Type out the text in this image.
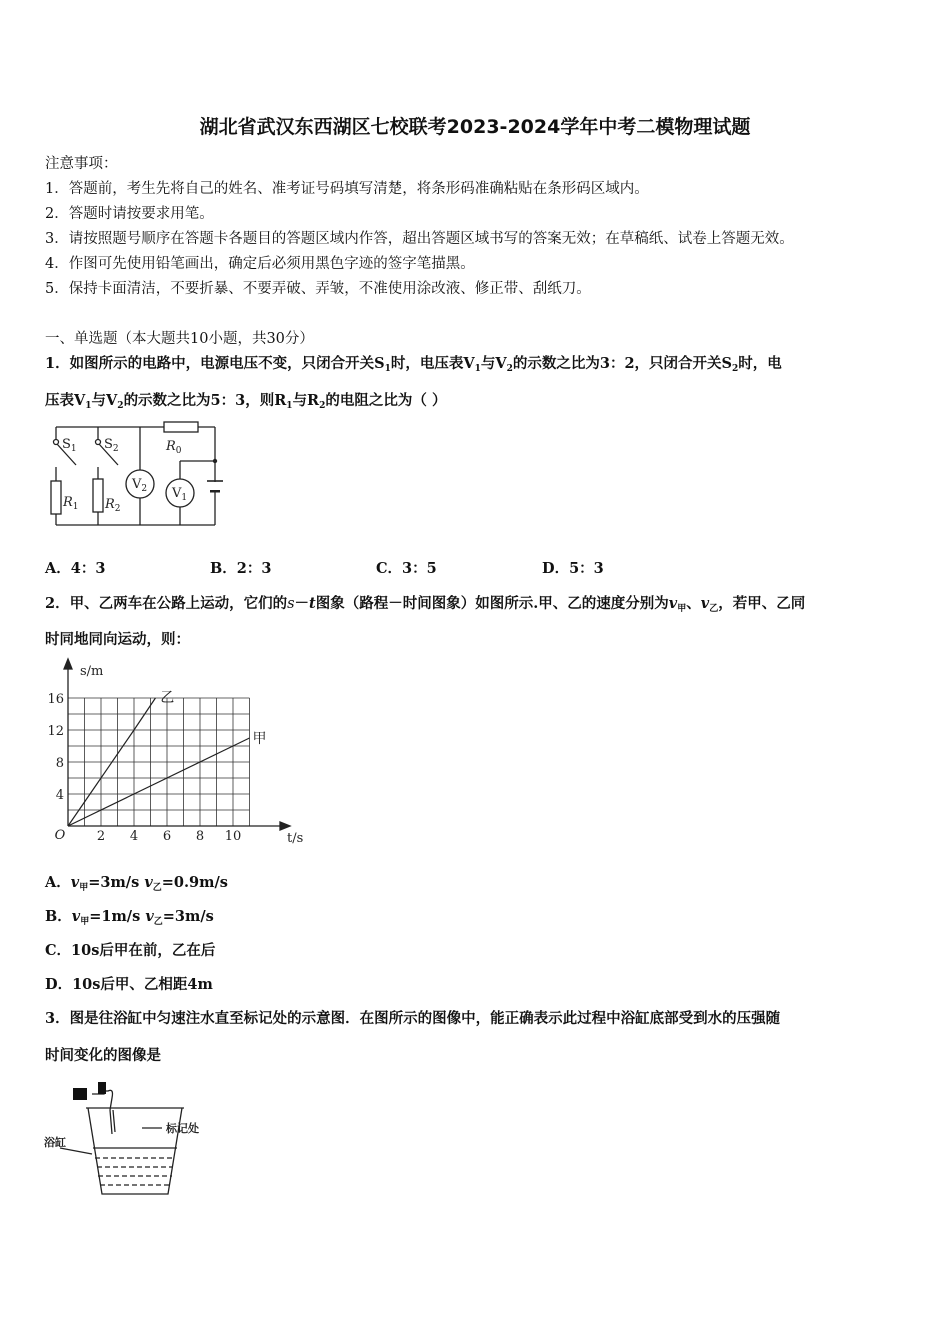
湖北省武汉东西湖区七校联考2023-2024学年中考二模物理试题
注意事项：
1．答题前，考生先将自己的姓名、准考证号码填写清楚，将条形码准确粘贴在条形码区域内。
2．答题时请按要求用笔。
3．请按照题号顺序在答题卡各题目的答题区域内作答，超出答题区域书写的答案无效；在草稿纸、试卷上答题无效。
4．作图可先使用铅笔画出，确定后必须用黑色字迹的签字笔描黑。
5．保持卡面清洁，不要折暴、不要弄破、弄皱，不准使用涂改液、修正带、刮纸刀。
一、单选题（本大题共10小题，共30分）
1．如图所示的电路中，电源电压不变，只闭合开关$S_1$时，电压表$V_1$与$V_2$的示数之比为3：2，只闭合开关$S_2$时，电
压表$V_1$与$V_2$的示数之比为5：3，则$R_1$与$R_2$的电阻之比为（ ）
$S_1$ $S_2$	$R_0$
$R_1$ $R_2$
$V_2$ $V_1$
A．4：3	B．2：3	C．3：5	D．5：3
2．甲、乙两车在公路上运动，它们的s－t图象（路程－时间图象）如图所示.甲、乙的速度分别为$v_甲$、$v_乙$，若甲、乙同
时同地同向运动，则：
4
8
12
16
2 4 6 8 10
O
s/m
t/s
乙
甲
A．$v_甲=3m/s$ $v_乙=0.9m/s$
B．$v_甲=1m/s$ $v_乙=3m/s$
C．10s后甲在前，乙在后
D．10s后甲、乙相距4m
3．图是往浴缸中匀速注水直至标记处的示意图．在图所示的图像中，能正确表示此过程中浴缸底部受到水的压强随
时间变化的图像是
标记处
浴缸
